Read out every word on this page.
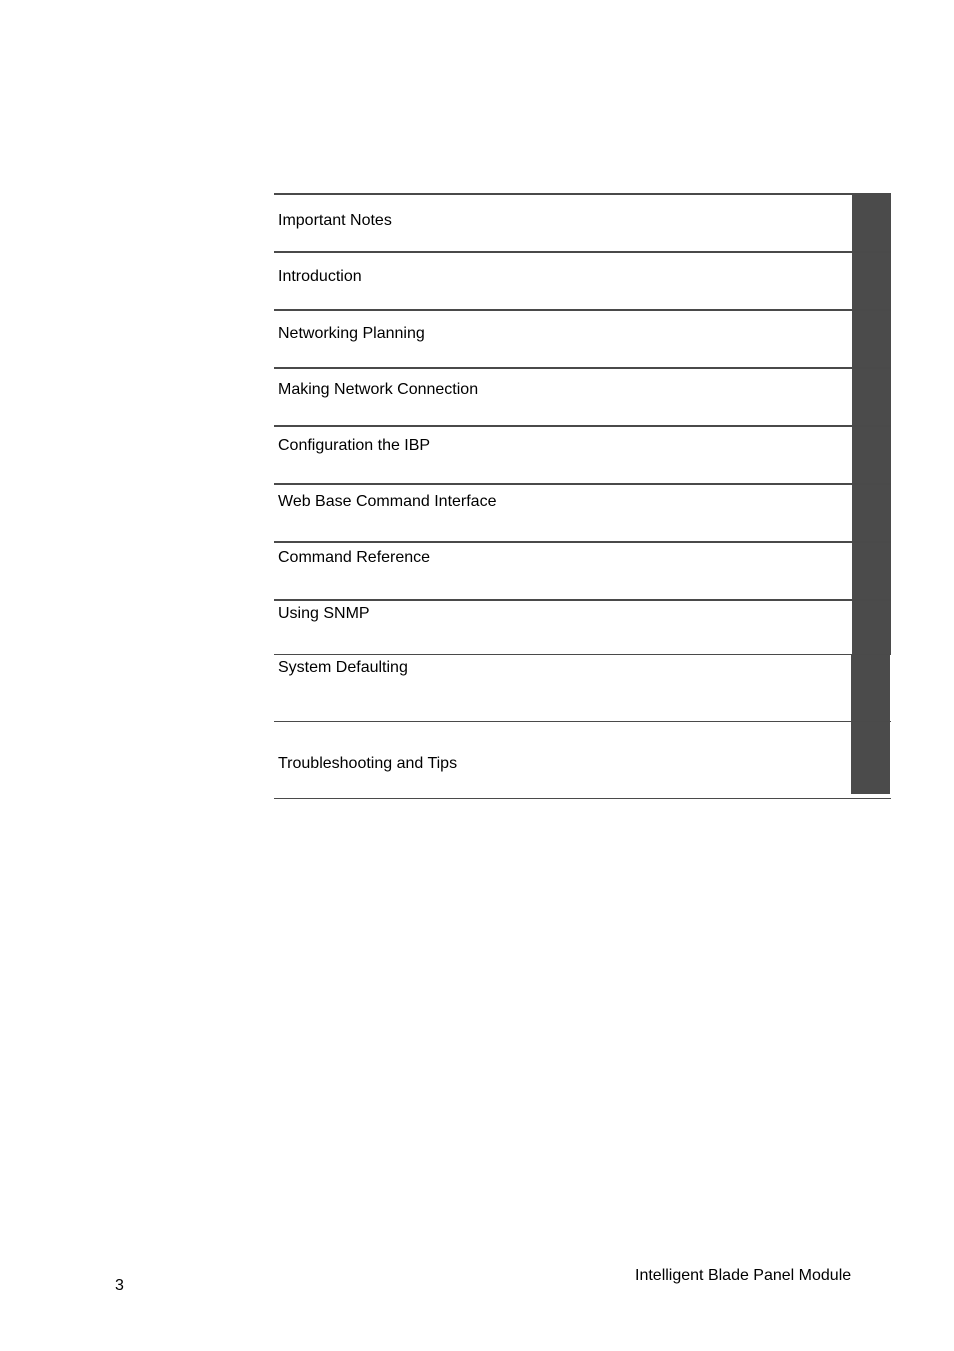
Important Notes
Introduction
Networking Planning
Making Network Connection
Configuration the IBP
Web Base Command Interface
Command Reference
Using SNMP
System Defaulting
Troubleshooting and Tips
3
Intelligent Blade Panel Module
